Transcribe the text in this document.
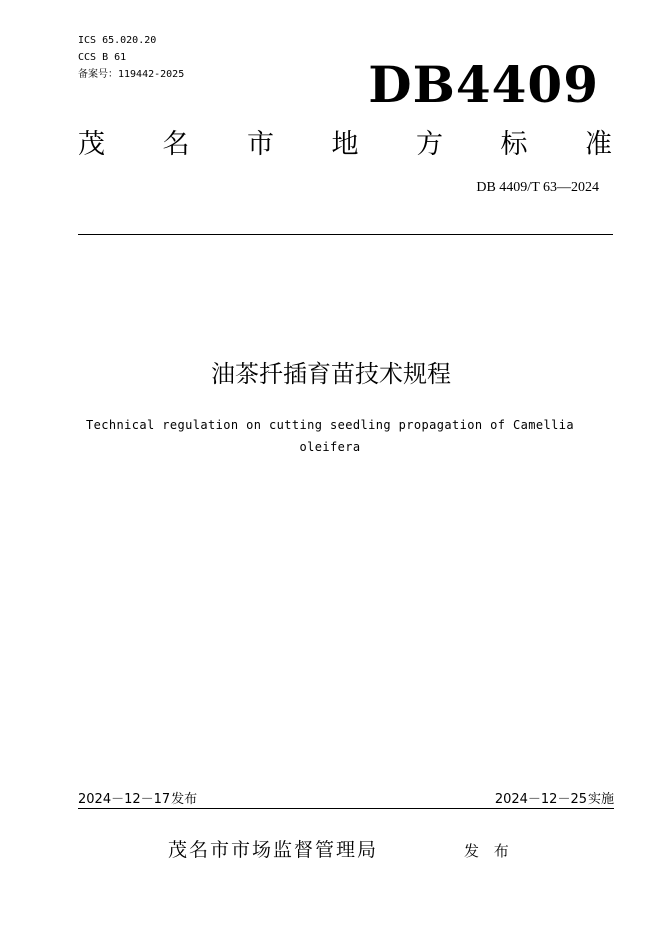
ICS 65.020.20
CCS B 61
备案号：119442-2025	DB4409
茂 名 市 地 方 标 准
DB 4409/T 63—2024
油茶扦插育苗技术规程
Technical regulation on cutting seedling propagation of Camellia oleifera
2024－12－17发布	2024－12－25实施
茂名市市场监督管理局	发 布
